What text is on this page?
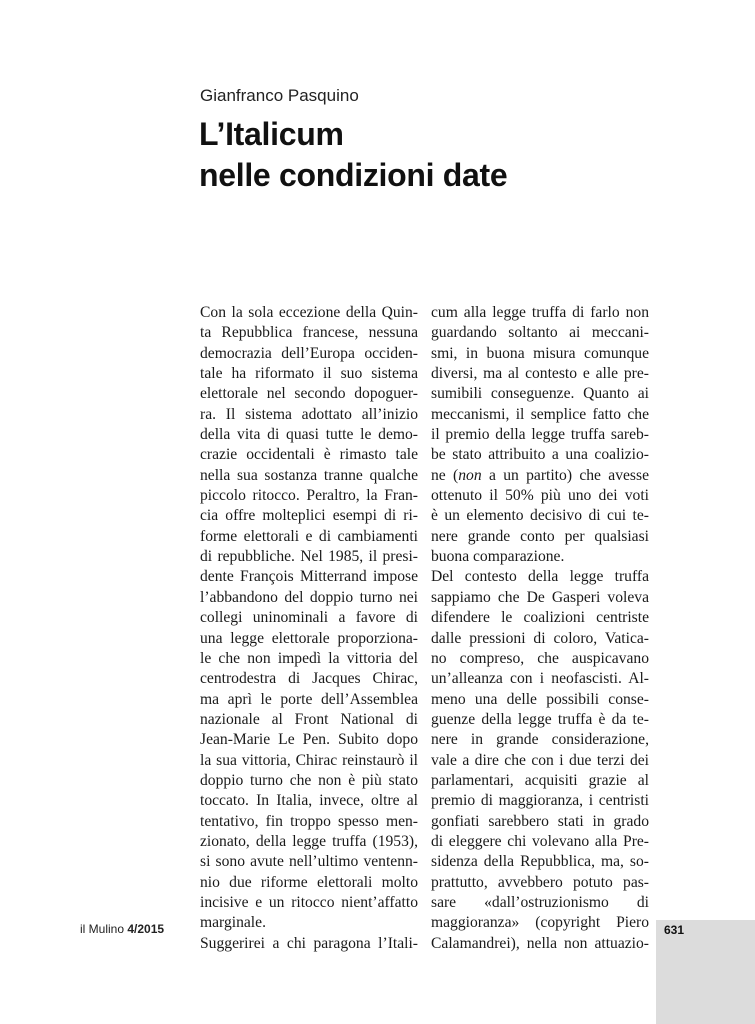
Gianfranco Pasquino
L’Italicum
nelle condizioni date
Con la sola eccezione della Quin-
ta Repubblica francese, nessuna
democrazia dell’Europa occiden-
tale ha riformato il suo sistema
elettorale nel secondo dopoguer-
ra. Il sistema adottato all’inizio
della vita di quasi tutte le demo-
crazie occidentali è rimasto tale
nella sua sostanza tranne qualche
piccolo ritocco. Peraltro, la Fran-
cia offre molteplici esempi di ri-
forme elettorali e di cambiamenti
di repubbliche. Nel 1985, il presi-
dente François Mitterrand impose
l’abbandono del doppio turno nei
collegi uninominali a favore di
una legge elettorale proporziona-
le che non impedì la vittoria del
centrodestra di Jacques Chirac,
ma aprì le porte dell’Assemblea
nazionale al Front National di
Jean-Marie Le Pen. Subito dopo
la sua vittoria, Chirac reinstaurò il
doppio turno che non è più stato
toccato. In Italia, invece, oltre al
tentativo, fin troppo spesso men-
zionato, della legge truffa (1953),
si sono avute nell’ultimo ventenn-
nio due riforme elettorali molto
incisive e un ritocco nient’affatto
marginale.
Suggerirei a chi paragona l’Itali-
cum alla legge truffa di farlo non
guardando soltanto ai meccani-
smi, in buona misura comunque
diversi, ma al contesto e alle pre-
sumibili conseguenze. Quanto ai
meccanismi, il semplice fatto che
il premio della legge truffa sareb-
be stato attribuito a una coalizio-
ne (non a un partito) che avesse
ottenuto il 50% più uno dei voti
è un elemento decisivo di cui te-
nere grande conto per qualsiasi
buona comparazione.
Del contesto della legge truffa
sappiamo che De Gasperi voleva
difendere le coalizioni centriste
dalle pressioni di coloro, Vatica-
no compreso, che auspicavano
un’alleanza con i neofascisti. Al-
meno una delle possibili conse-
guenze della legge truffa è da te-
nere in grande considerazione,
vale a dire che con i due terzi dei
parlamentari, acquisiti grazie al
premio di maggioranza, i centristi
gonfiati sarebbero stati in grado
di eleggere chi volevano alla Pre-
sidenza della Repubblica, ma, so-
prattutto, avvebbero potuto pas-
sare «dall’ostruzionismo di
maggioranza» (copyright Piero
Calamandrei), nella non attuazio-
il Mulino 4/2015	631
